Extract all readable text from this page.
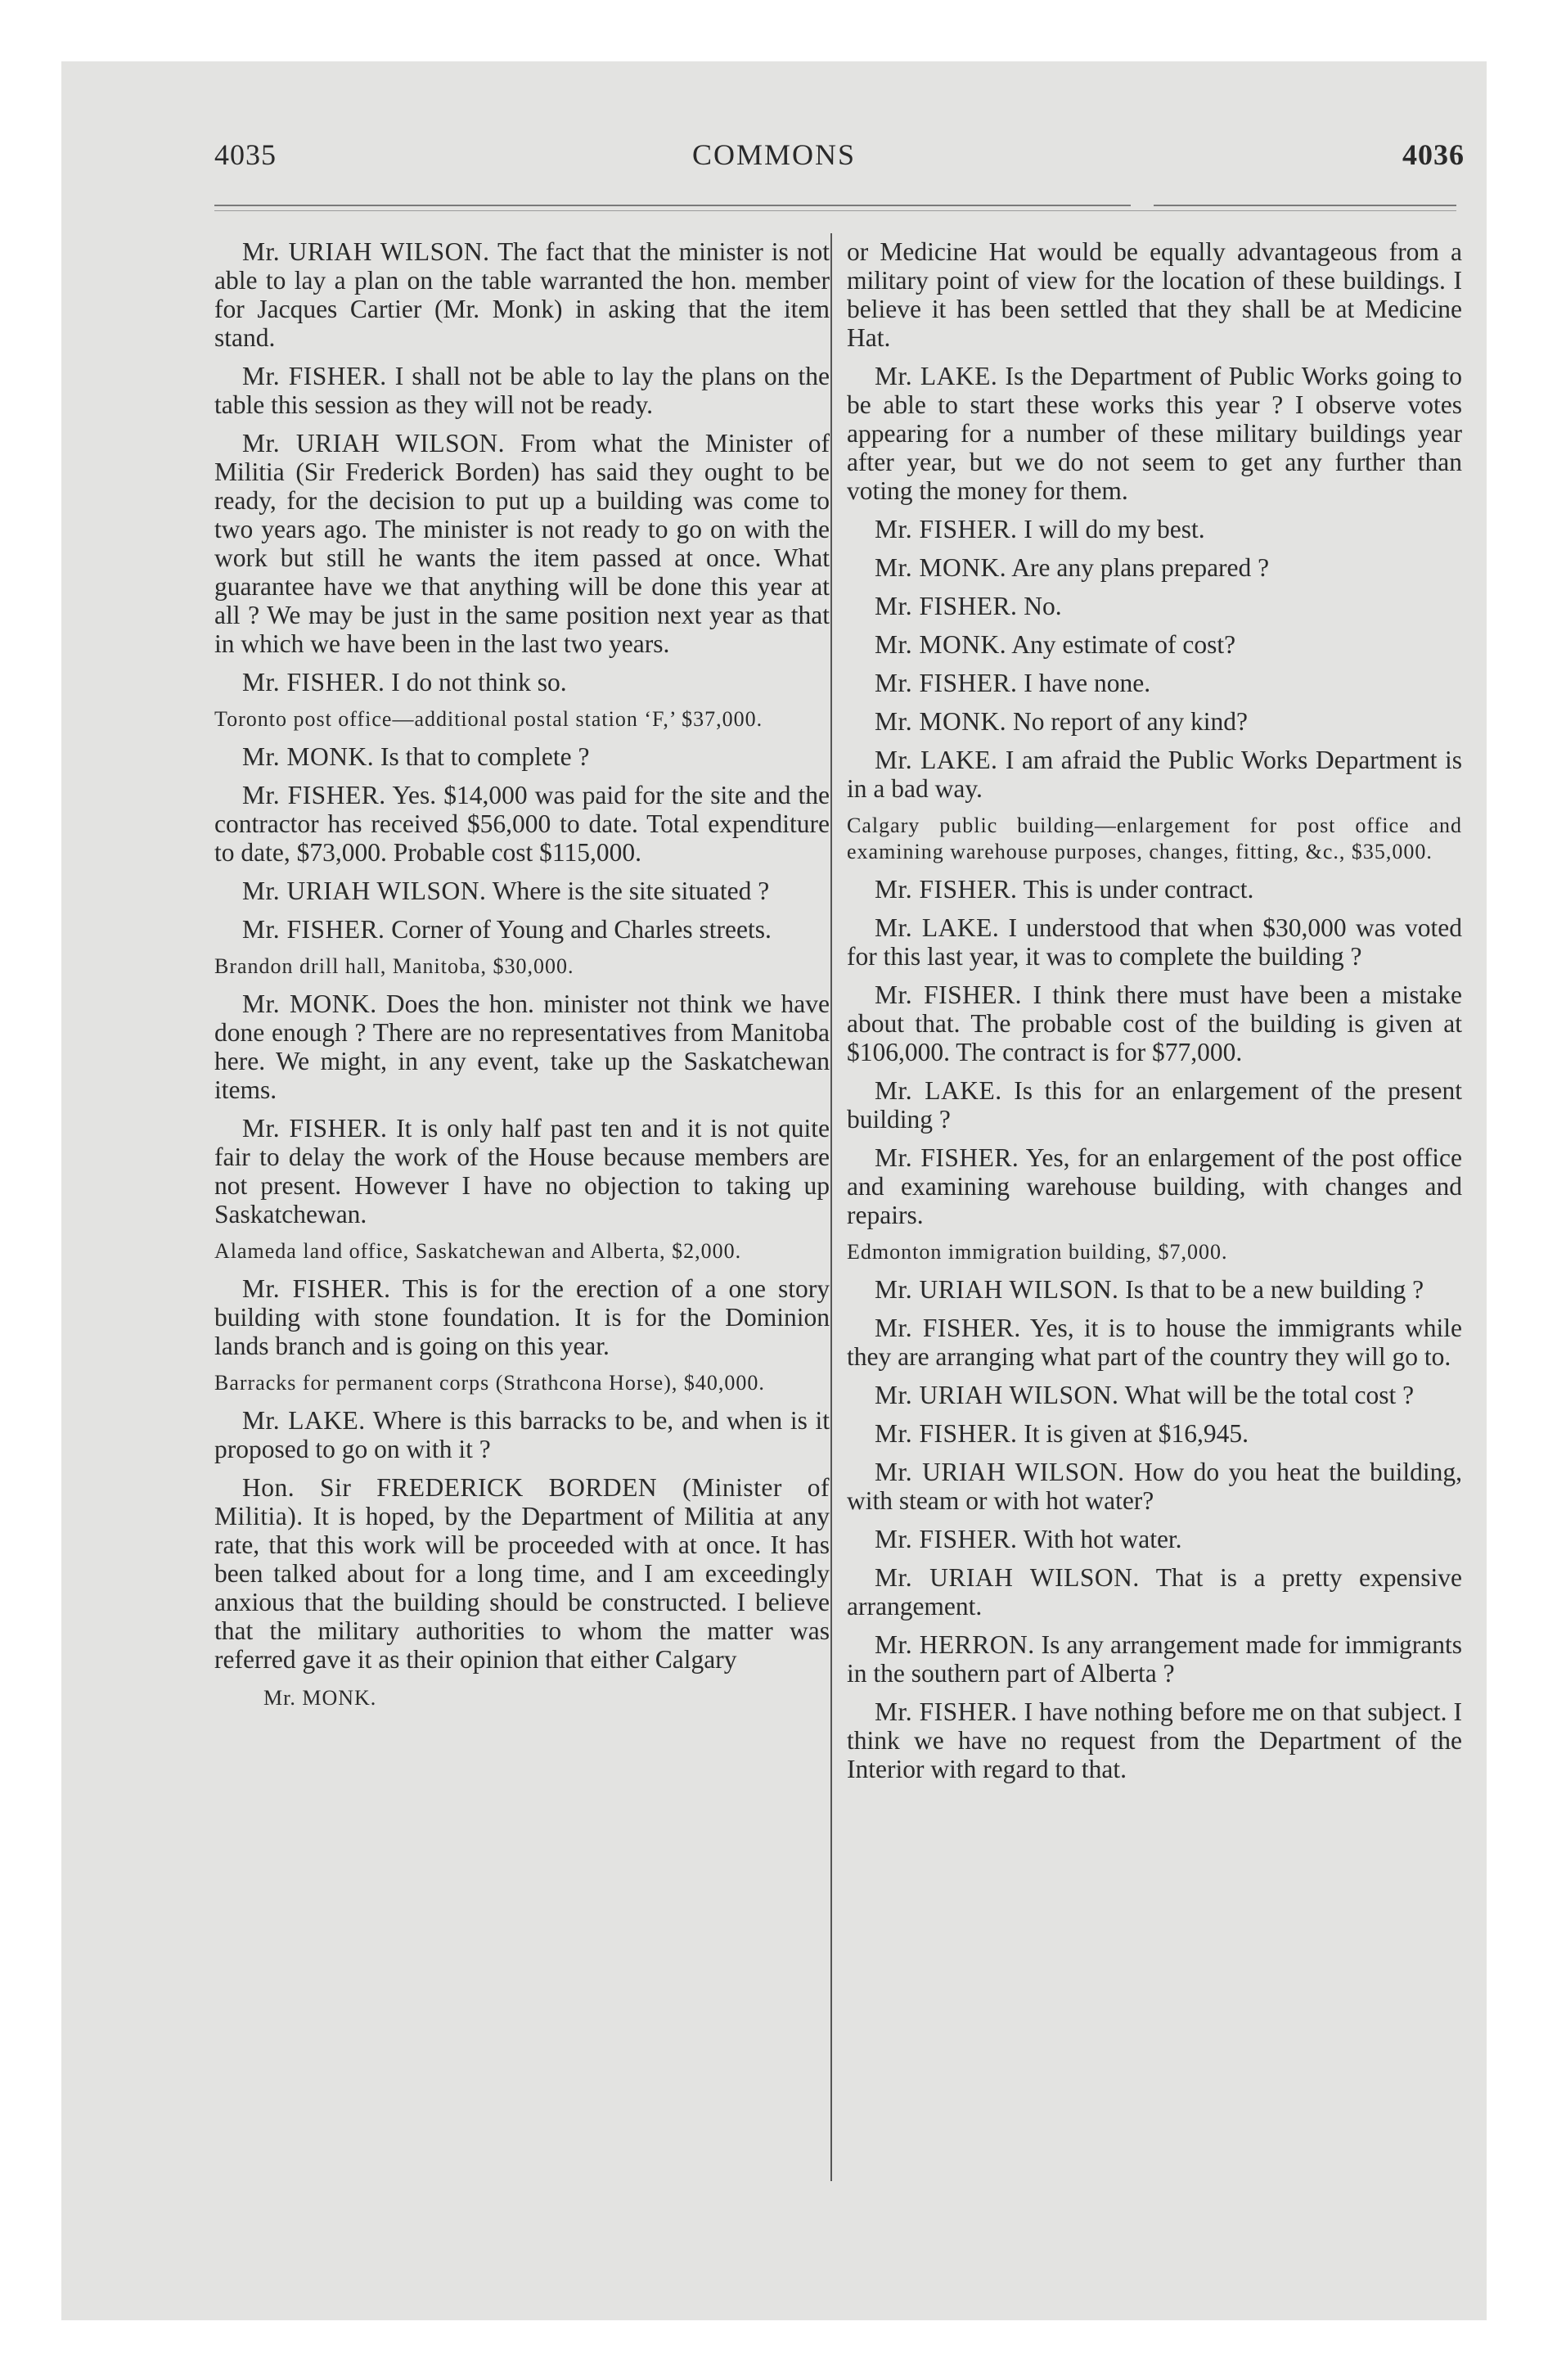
4035	COMMONS	4036

Mr. URIAH WILSON. The fact that the minister is not able to lay a plan on the table warranted the hon. member for Jacques Cartier (Mr. Monk) in asking that the item stand.

Mr. FISHER. I shall not be able to lay the plans on the table this session as they will not be ready.

Mr. URIAH WILSON. From what the Minister of Militia (Sir Frederick Borden) has said they ought to be ready, for the decision to put up a building was come to two years ago. The minister is not ready to go on with the work but still he wants the item passed at once. What guarantee have we that anything will be done this year at all ? We may be just in the same position next year as that in which we have been in the last two years.

Mr. FISHER. I do not think so.

Toronto post office—additional postal station ‘F,’ $37,000.

Mr. MONK. Is that to complete ?

Mr. FISHER. Yes. $14,000 was paid for the site and the contractor has received $56,000 to date. Total expenditure to date, $73,000. Probable cost $115,000.

Mr. URIAH WILSON. Where is the site situated ?

Mr. FISHER. Corner of Young and Charles streets.

Brandon drill hall, Manitoba, $30,000.

Mr. MONK. Does the hon. minister not think we have done enough ? There are no representatives from Manitoba here. We might, in any event, take up the Saskatchewan items.

Mr. FISHER. It is only half past ten and it is not quite fair to delay the work of the House because members are not present. However I have no objection to taking up Saskatchewan.

Alameda land office, Saskatchewan and Alberta, $2,000.

Mr. FISHER. This is for the erection of a one story building with stone foundation. It is for the Dominion lands branch and is going on this year.

Barracks for permanent corps (Strathcona Horse), $40,000.

Mr. LAKE. Where is this barracks to be, and when is it proposed to go on with it ?

Hon. Sir FREDERICK BORDEN (Minister of Militia). It is hoped, by the Department of Militia at any rate, that this work will be proceeded with at once. It has been talked about for a long time, and I am exceedingly anxious that the building should be constructed. I believe that the military authorities to whom the matter was referred gave it as their opinion that either Calgary

Mr. MONK.

or Medicine Hat would be equally advantageous from a military point of view for the location of these buildings. I believe it has been settled that they shall be at Medicine Hat.

Mr. LAKE. Is the Department of Public Works going to be able to start these works this year ? I observe votes appearing for a number of these military buildings year after year, but we do not seem to get any further than voting the money for them.

Mr. FISHER. I will do my best.

Mr. MONK. Are any plans prepared ?

Mr. FISHER. No.

Mr. MONK. Any estimate of cost?

Mr. FISHER. I have none.

Mr. MONK. No report of any kind?

Mr. LAKE. I am afraid the Public Works Department is in a bad way.

Calgary public building—enlargement for post office and examining warehouse purposes, changes, fitting, &c., $35,000.

Mr. FISHER. This is under contract.

Mr. LAKE. I understood that when $30,000 was voted for this last year, it was to complete the building ?

Mr. FISHER. I think there must have been a mistake about that. The probable cost of the building is given at $106,000. The contract is for $77,000.

Mr. LAKE. Is this for an enlargement of the present building ?

Mr. FISHER. Yes, for an enlargement of the post office and examining warehouse building, with changes and repairs.

Edmonton immigration building, $7,000.

Mr. URIAH WILSON. Is that to be a new building ?

Mr. FISHER. Yes, it is to house the immigrants while they are arranging what part of the country they will go to.

Mr. URIAH WILSON. What will be the total cost ?

Mr. FISHER. It is given at $16,945.

Mr. URIAH WILSON. How do you heat the building, with steam or with hot water?

Mr. FISHER. With hot water.

Mr. URIAH WILSON. That is a pretty expensive arrangement.

Mr. HERRON. Is any arrangement made for immigrants in the southern part of Alberta ?

Mr. FISHER. I have nothing before me on that subject. I think we have no request from the Department of the Interior with regard to that.
